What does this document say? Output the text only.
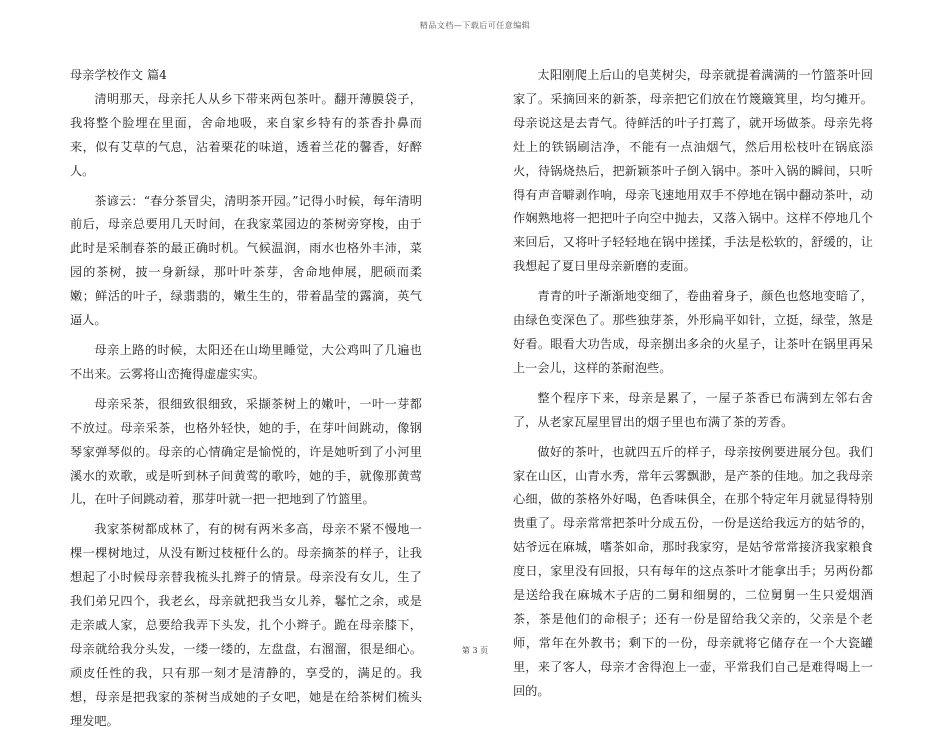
精品文档—下载后可任意编辑
母亲学校作文 篇4

清明那天，母亲托人从乡下带来两包茶叶。翻开薄膜袋子，我将整个脸埋在里面，舍命地吸，来自家乡特有的茶香扑鼻而来，似有艾草的气息，沾着栗花的味道，透着兰花的馨香，好醉人。

茶谚云：“春分茶冒尖，清明茶开园。”记得小时候，每年清明前后，母亲总要用几天时间，在我家菜园边的茶树旁穿梭，由于此时是采制春茶的最正确时机。气候温润，雨水也格外丰沛，菜园的茶树，披一身新绿，那叶叶茶芽，舍命地伸展，肥硕而柔嫩；鲜活的叶子，绿翡翡的，嫩生生的，带着晶莹的露滴，英气逼人。

母亲上路的时候，太阳还在山坳里睡觉，大公鸡叫了几遍也不出来。云雾将山峦掩得虚虚实实。

母亲采茶，很细致很细致，采撷茶树上的嫩叶，一叶一芽都不放过。母亲采茶，也格外轻快，她的手，在芽叶间跳动，像钢琴家弹琴似的。母亲的心情确定是愉悦的，许是她听到了小河里溪水的欢歌，或是听到林子间黄莺的歌吟，她的手，就像那黄莺儿，在叶子间跳动着，那芽叶就一把一把地到了竹篮里。

我家茶树都成林了，有的树有两米多高，母亲不紧不慢地一棵一棵树地过，从没有断过枝桠什么的。母亲摘茶的样子，让我想起了小时候母亲替我梳头扎辫子的情景。母亲没有女儿，生了我们弟兄四个，我老幺，母亲就把我当女儿养，鬈忙之余，或是走亲戚人家，总要给我弄下头发，扎个小辫子。跪在母亲膝下，母亲就给我分头发，一缕一缕的，左盘盘，右溜溜，很是细心。顽皮任性的我，只有那一刻才是清静的，享受的，满足的。我想，母亲是把我家的茶树当成她的子女吧，她是在给茶树们梳头理发吧。

太阳刚爬上后山的皂荚树尖，母亲就提着满满的一竹篮茶叶回家了。采摘回来的新茶，母亲把它们放在竹篾簸箕里，均匀摊开。母亲说这是去青气。待鲜活的叶子打蔫了，就开场做茶。母亲先将灶上的铁锅刷洁净，不能有一点油烟气，然后用松枝叶在锅底添火，待锅烧热后，把新颖茶叶子倒入锅中。茶叶入锅的瞬间，只听得有声音噼剥作响，母亲飞速地用双手不停地在锅中翻动茶叶，动作娴熟地将一把把叶子向空中抛去，又落入锅中。这样不停地几个来回后，又将叶子轻轻地在锅中搓揉，手法是松软的，舒缓的，让我想起了夏日里母亲新磨的麦面。

青青的叶子渐渐地变细了，卷曲着身子，颜色也悠地变暗了，由绿色变深色了。那些独芽茶，外形扁平如针，立挺，绿莹，煞是好看。眼看大功告成，母亲捌出多余的火星子，让茶叶在锅里再呆上一会儿，这样的茶耐泡些。

整个程序下来，母亲是累了，一屋子茶香已布满到左邻右舍了，从老家瓦屋里冒出的烟子里也布满了茶的芳香。

做好的茶叶，也就四五斤的样子，母亲按例要进展分包。我们家在山区，山青水秀，常年云雾飘渺，是产茶的佳地。加之我母亲心细，做的茶格外好喝，色香味俱全，在那个特定年月就显得特别贵重了。母亲常常把茶叶分成五份，一份是送给我远方的姑爷的，姑爷远在麻城，嗜茶如命，那时我家穷，是姑爷常常接济我家粮食度日，家里没有回报，只有每年的这点茶叶才能拿出手；另两份都是送给我在麻城木子店的二舅和细舅的，二位舅舅一生只爱烟酒茶，茶是他们的命根子；还有一份是留给我父亲的，父亲是个老师，常年在外教书；剩下的一份，母亲就将它储存在一个大瓷罐里，来了客人，母亲才舍得泡上一壶，平常我们自己是难得喝上一回的。

第 3 页
